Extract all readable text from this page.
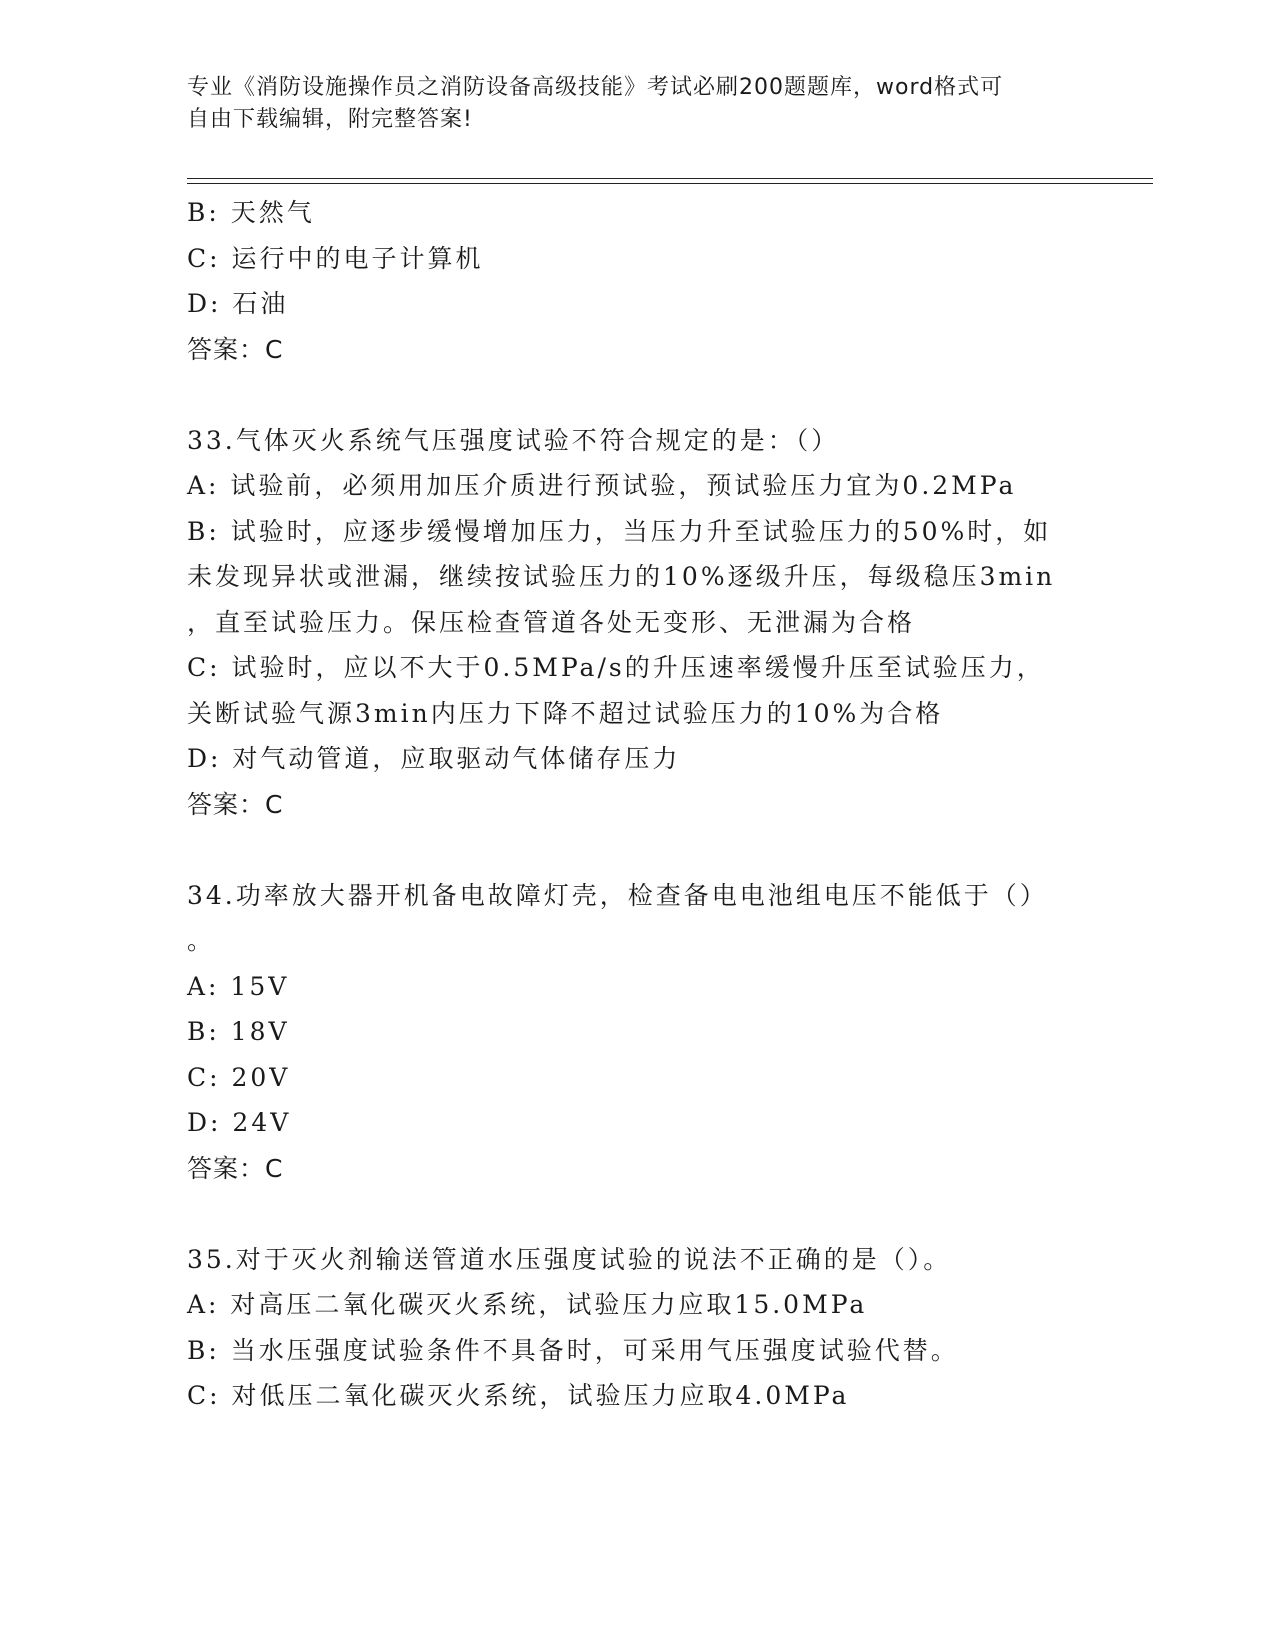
专业《消防设施操作员之消防设备高级技能》考试必刷200题题库，word格式可
自由下载编辑，附完整答案!
B: 天然气
C: 运行中的电子计算机
D: 石油
答案：C
33.气体灭火系统气压强度试验不符合规定的是：（）
A: 试验前，必须用加压介质进行预试验，预试验压力宜为0.2MPa
B: 试验时，应逐步缓慢增加压力，当压力升至试验压力的50%时，如
未发现异状或泄漏，继续按试验压力的10%逐级升压，每级稳压3min
，直至试验压力。保压检查管道各处无变形、无泄漏为合格
C: 试验时，应以不大于0.5MPa/s的升压速率缓慢升压至试验压力，
关断试验气源3min内压力下降不超过试验压力的10%为合格
D: 对气动管道，应取驱动气体储存压力
答案：C
34.功率放大器开机备电故障灯壳，检查备电电池组电压不能低于（）
。
A: 15V
B: 18V
C: 20V
D: 24V
答案：C
35.对于灭火剂输送管道水压强度试验的说法不正确的是（）。
A: 对高压二氧化碳灭火系统，试验压力应取15.0MPa
B: 当水压强度试验条件不具备时，可采用气压强度试验代替。
C: 对低压二氧化碳灭火系统，试验压力应取4.0MPa
